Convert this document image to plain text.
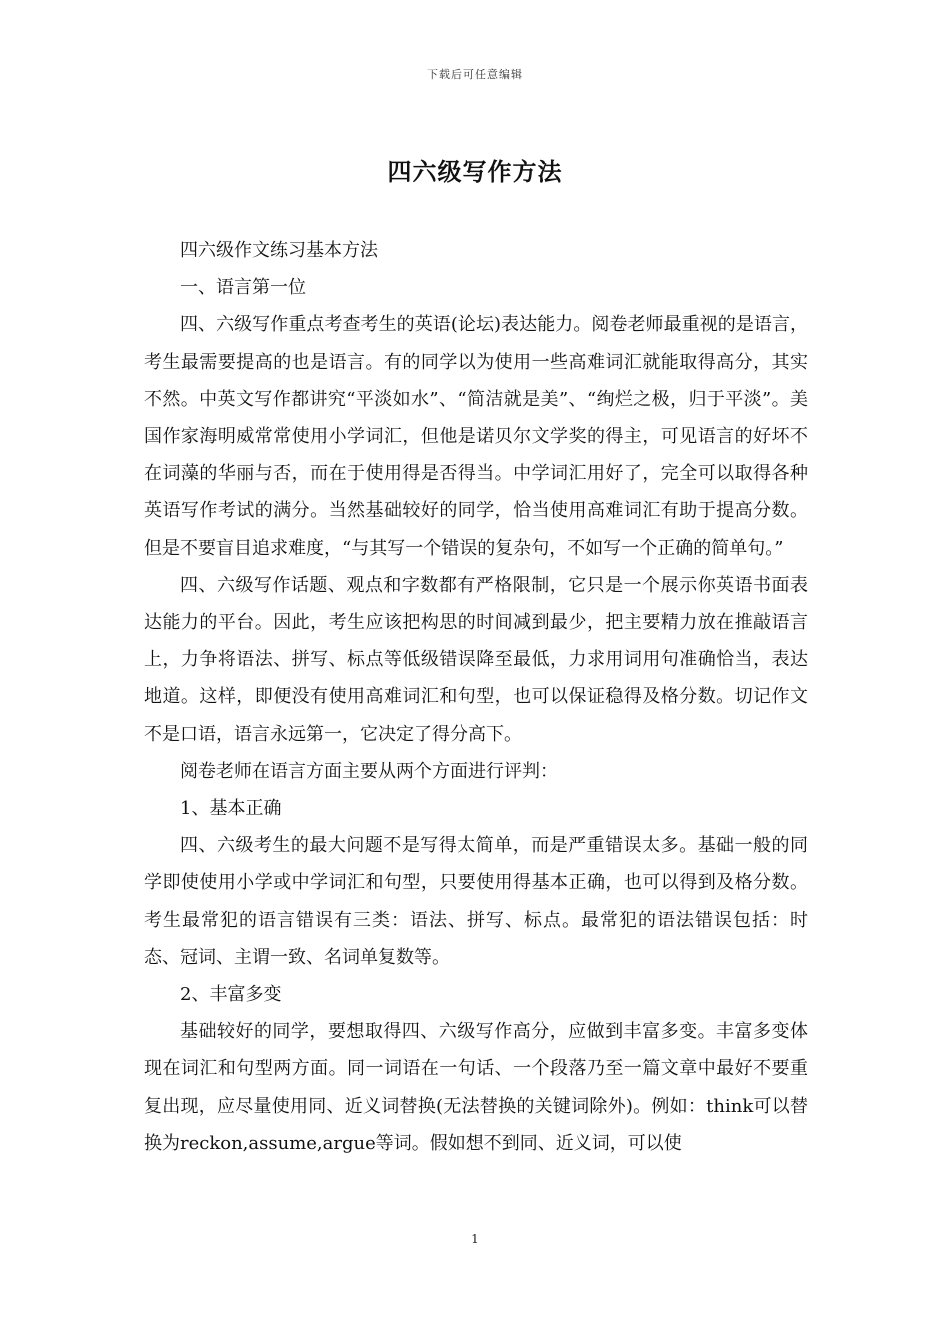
下载后可任意编辑
四六级写作方法

四六级作文练习基本方法

一、语言第一位

四、六级写作重点考查考生的英语(论坛)表达能力。阅卷老师最重视的是语言，考生最需要提高的也是语言。有的同学以为使用一些高难词汇就能取得高分，其实不然。中英文写作都讲究“平淡如水”、“简洁就是美”、“绚烂之极，归于平淡”。美国作家海明威常常使用小学词汇，但他是诺贝尔文学奖的得主，可见语言的好坏不在词藻的华丽与否，而在于使用得是否得当。中学词汇用好了，完全可以取得各种英语写作考试的满分。当然基础较好的同学，恰当使用高难词汇有助于提高分数。但是不要盲目追求难度，“与其写一个错误的复杂句，不如写一个正确的简单句。”

四、六级写作话题、观点和字数都有严格限制，它只是一个展示你英语书面表达能力的平台。因此，考生应该把构思的时间减到最少，把主要精力放在推敲语言上，力争将语法、拼写、标点等低级错误降至最低，力求用词用句准确恰当，表达地道。这样，即便没有使用高难词汇和句型，也可以保证稳得及格分数。切记作文不是口语，语言永远第一，它决定了得分高下。

阅卷老师在语言方面主要从两个方面进行评判：

1、基本正确

四、六级考生的最大问题不是写得太简单，而是严重错误太多。基础一般的同学即使使用小学或中学词汇和句型，只要使用得基本正确，也可以得到及格分数。考生最常犯的语言错误有三类：语法、拼写、标点。最常犯的语法错误包括：时态、冠词、主谓一致、名词单复数等。

2、丰富多变

基础较好的同学，要想取得四、六级写作高分，应做到丰富多变。丰富多变体现在词汇和句型两方面。同一词语在一句话、一个段落乃至一篇文章中最好不要重复出现，应尽量使用同、近义词替换(无法替换的关键词除外)。例如：think可以替换为reckon,assume,argue等词。假如想不到同、近义词，可以使

1
